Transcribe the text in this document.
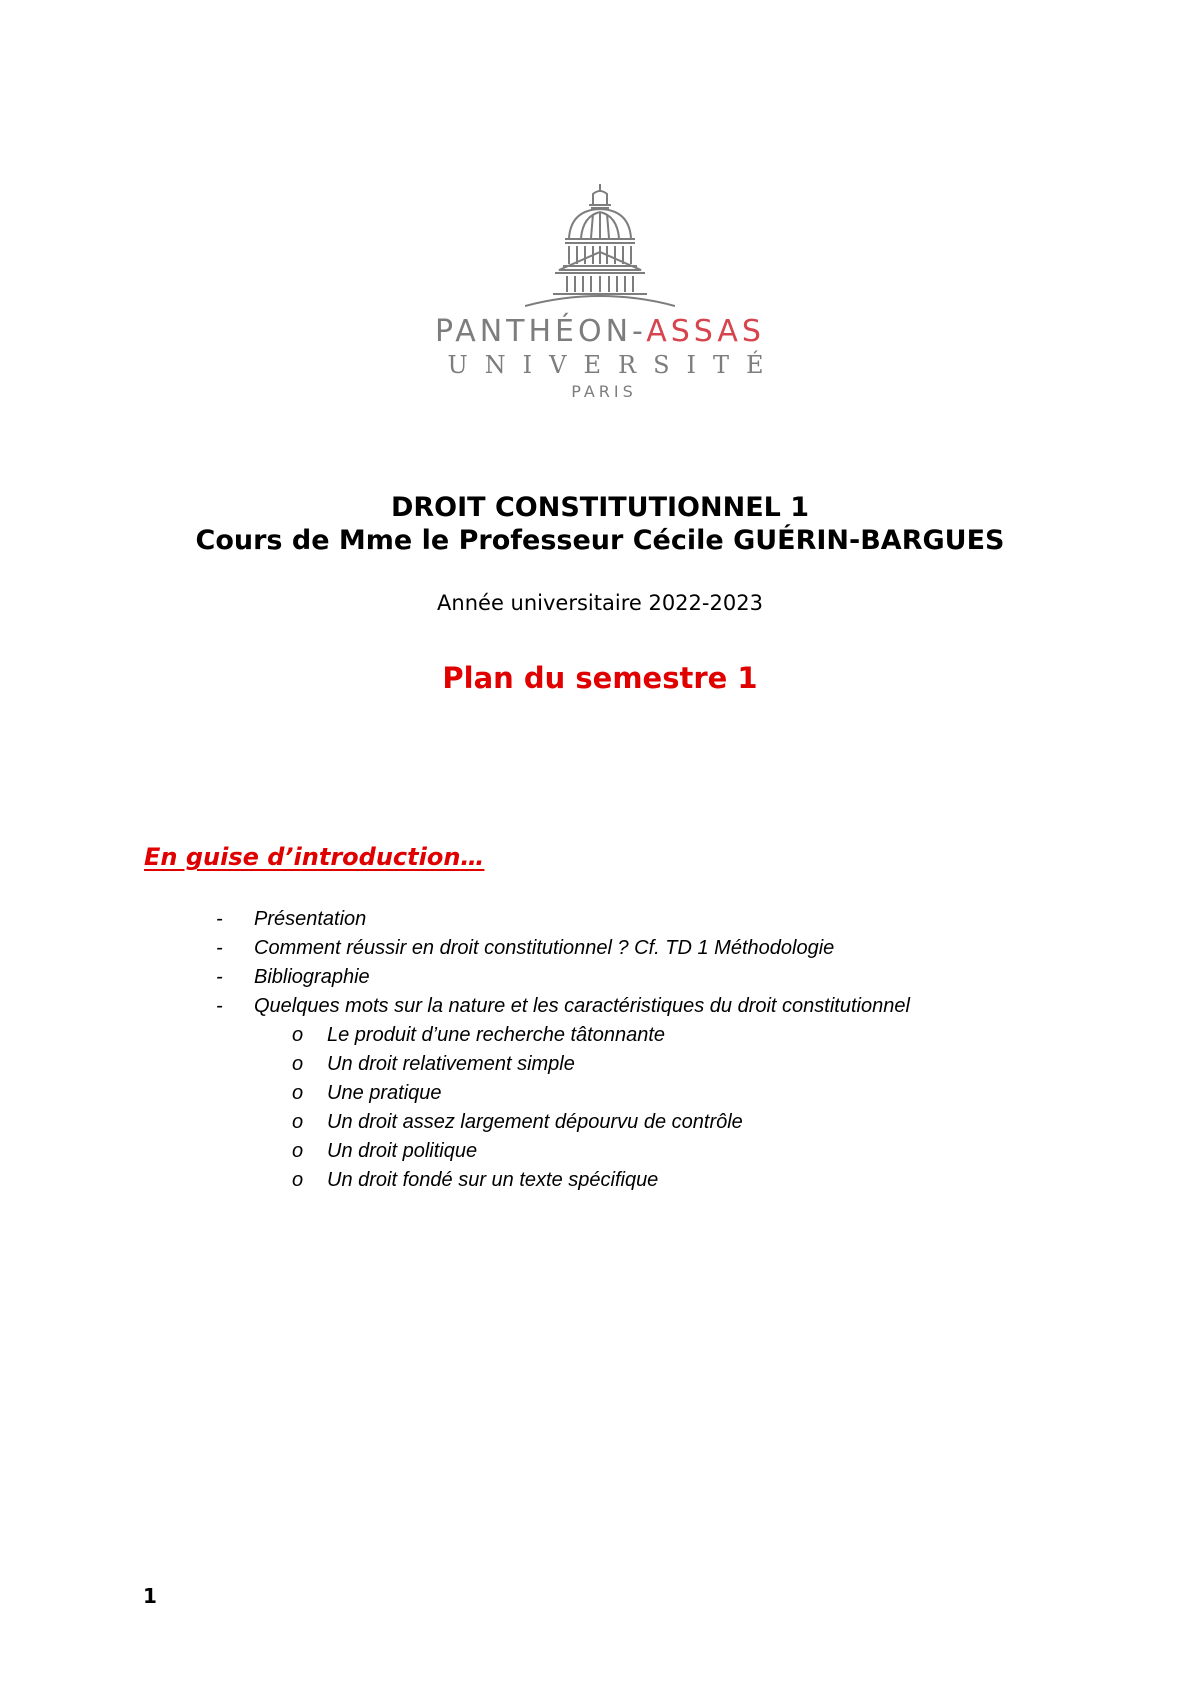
PANTHÉON-ASSAS
UNIVERSITÉ
PARIS
DROIT CONSTITUTIONNEL 1
Cours de Mme le Professeur Cécile GUÉRIN-BARGUES
Année universitaire 2022-2023
Plan du semestre 1
En guise d’introduction…
- Présentation
- Comment réussir en droit constitutionnel ? Cf. TD 1 Méthodologie
- Bibliographie
- Quelques mots sur la nature et les caractéristiques du droit constitutionnel
o Le produit d’une recherche tâtonnante
o Un droit relativement simple
o Une pratique
o Un droit assez largement dépourvu de contrôle
o Un droit politique
o Un droit fondé sur un texte spécifique
1
